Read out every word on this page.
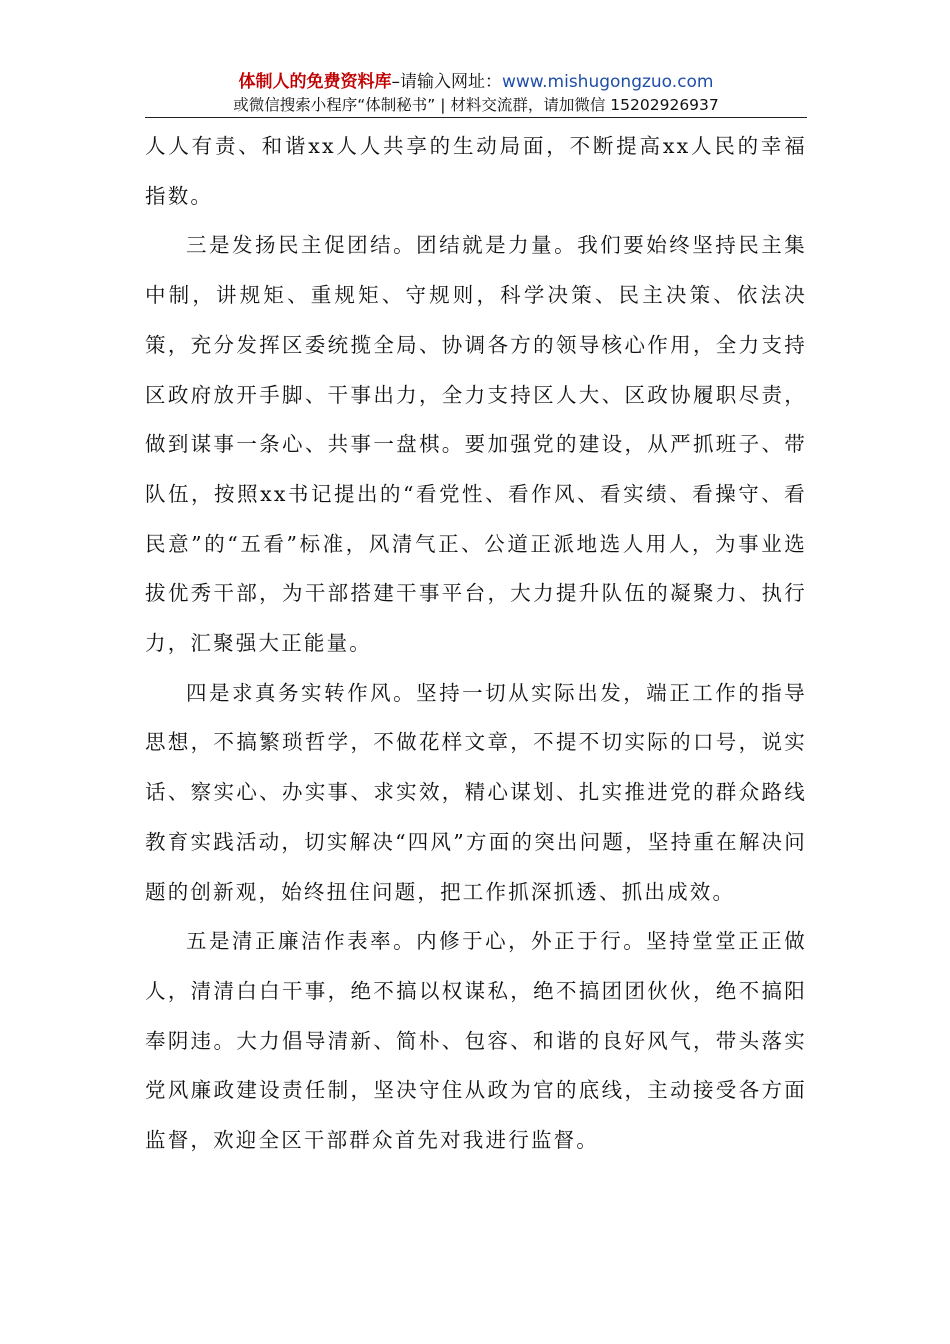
体制人的免费资料库–请输入网址：www.mishugongzuo.com
或微信搜索小程序“体制秘书” | 材料交流群，请加微信 15202926937

人人有责、和谐xx人人共享的生动局面，不断提高xx人民的幸福指数。

三是发扬民主促团结。团结就是力量。我们要始终坚持民主集中制，讲规矩、重规矩、守规则，科学决策、民主决策、依法决策，充分发挥区委统揽全局、协调各方的领导核心作用，全力支持区政府放开手脚、干事出力，全力支持区人大、区政协履职尽责，做到谋事一条心、共事一盘棋。要加强党的建设，从严抓班子、带队伍，按照xx书记提出的“看党性、看作风、看实绩、看操守、看民意”的“五看”标准，风清气正、公道正派地选人用人，为事业选拔优秀干部，为干部搭建干事平台，大力提升队伍的凝聚力、执行力，汇聚强大正能量。

四是求真务实转作风。坚持一切从实际出发，端正工作的指导思想，不搞繁琐哲学，不做花样文章，不提不切实际的口号，说实话、察实心、办实事、求实效，精心谋划、扎实推进党的群众路线教育实践活动，切实解决“四风”方面的突出问题，坚持重在解决问题的创新观，始终扭住问题，把工作抓深抓透、抓出成效。

五是清正廉洁作表率。内修于心，外正于行。坚持堂堂正正做人，清清白白干事，绝不搞以权谋私，绝不搞团团伙伙，绝不搞阳奉阴违。大力倡导清新、简朴、包容、和谐的良好风气，带头落实党风廉政建设责任制，坚决守住从政为官的底线，主动接受各方面监督，欢迎全区干部群众首先对我进行监督。
